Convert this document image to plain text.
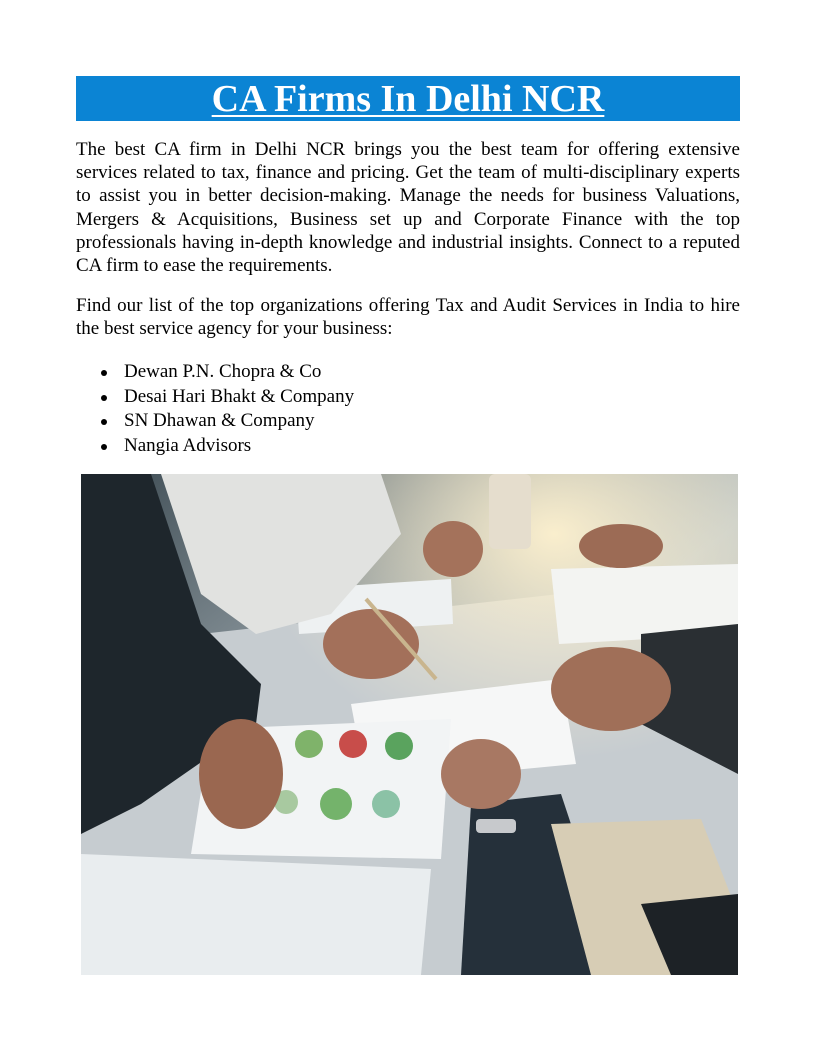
CA Firms In Delhi NCR

The best CA firm in Delhi NCR brings you the best team for offering extensive services related to tax, finance and pricing. Get the team of multi-disciplinary experts to assist you in better decision-making. Manage the needs for business Valuations, Mergers & Acquisitions, Business set up and Corporate Finance with the top professionals having in-depth knowledge and industrial insights. Connect to a reputed CA firm to ease the requirements.

Find our list of the top organizations offering Tax and Audit Services in India to hire the best service agency for your business:

Dewan P.N. Chopra & Co
Desai Hari Bhakt & Company
SN Dhawan & Company
Nangia Advisors
